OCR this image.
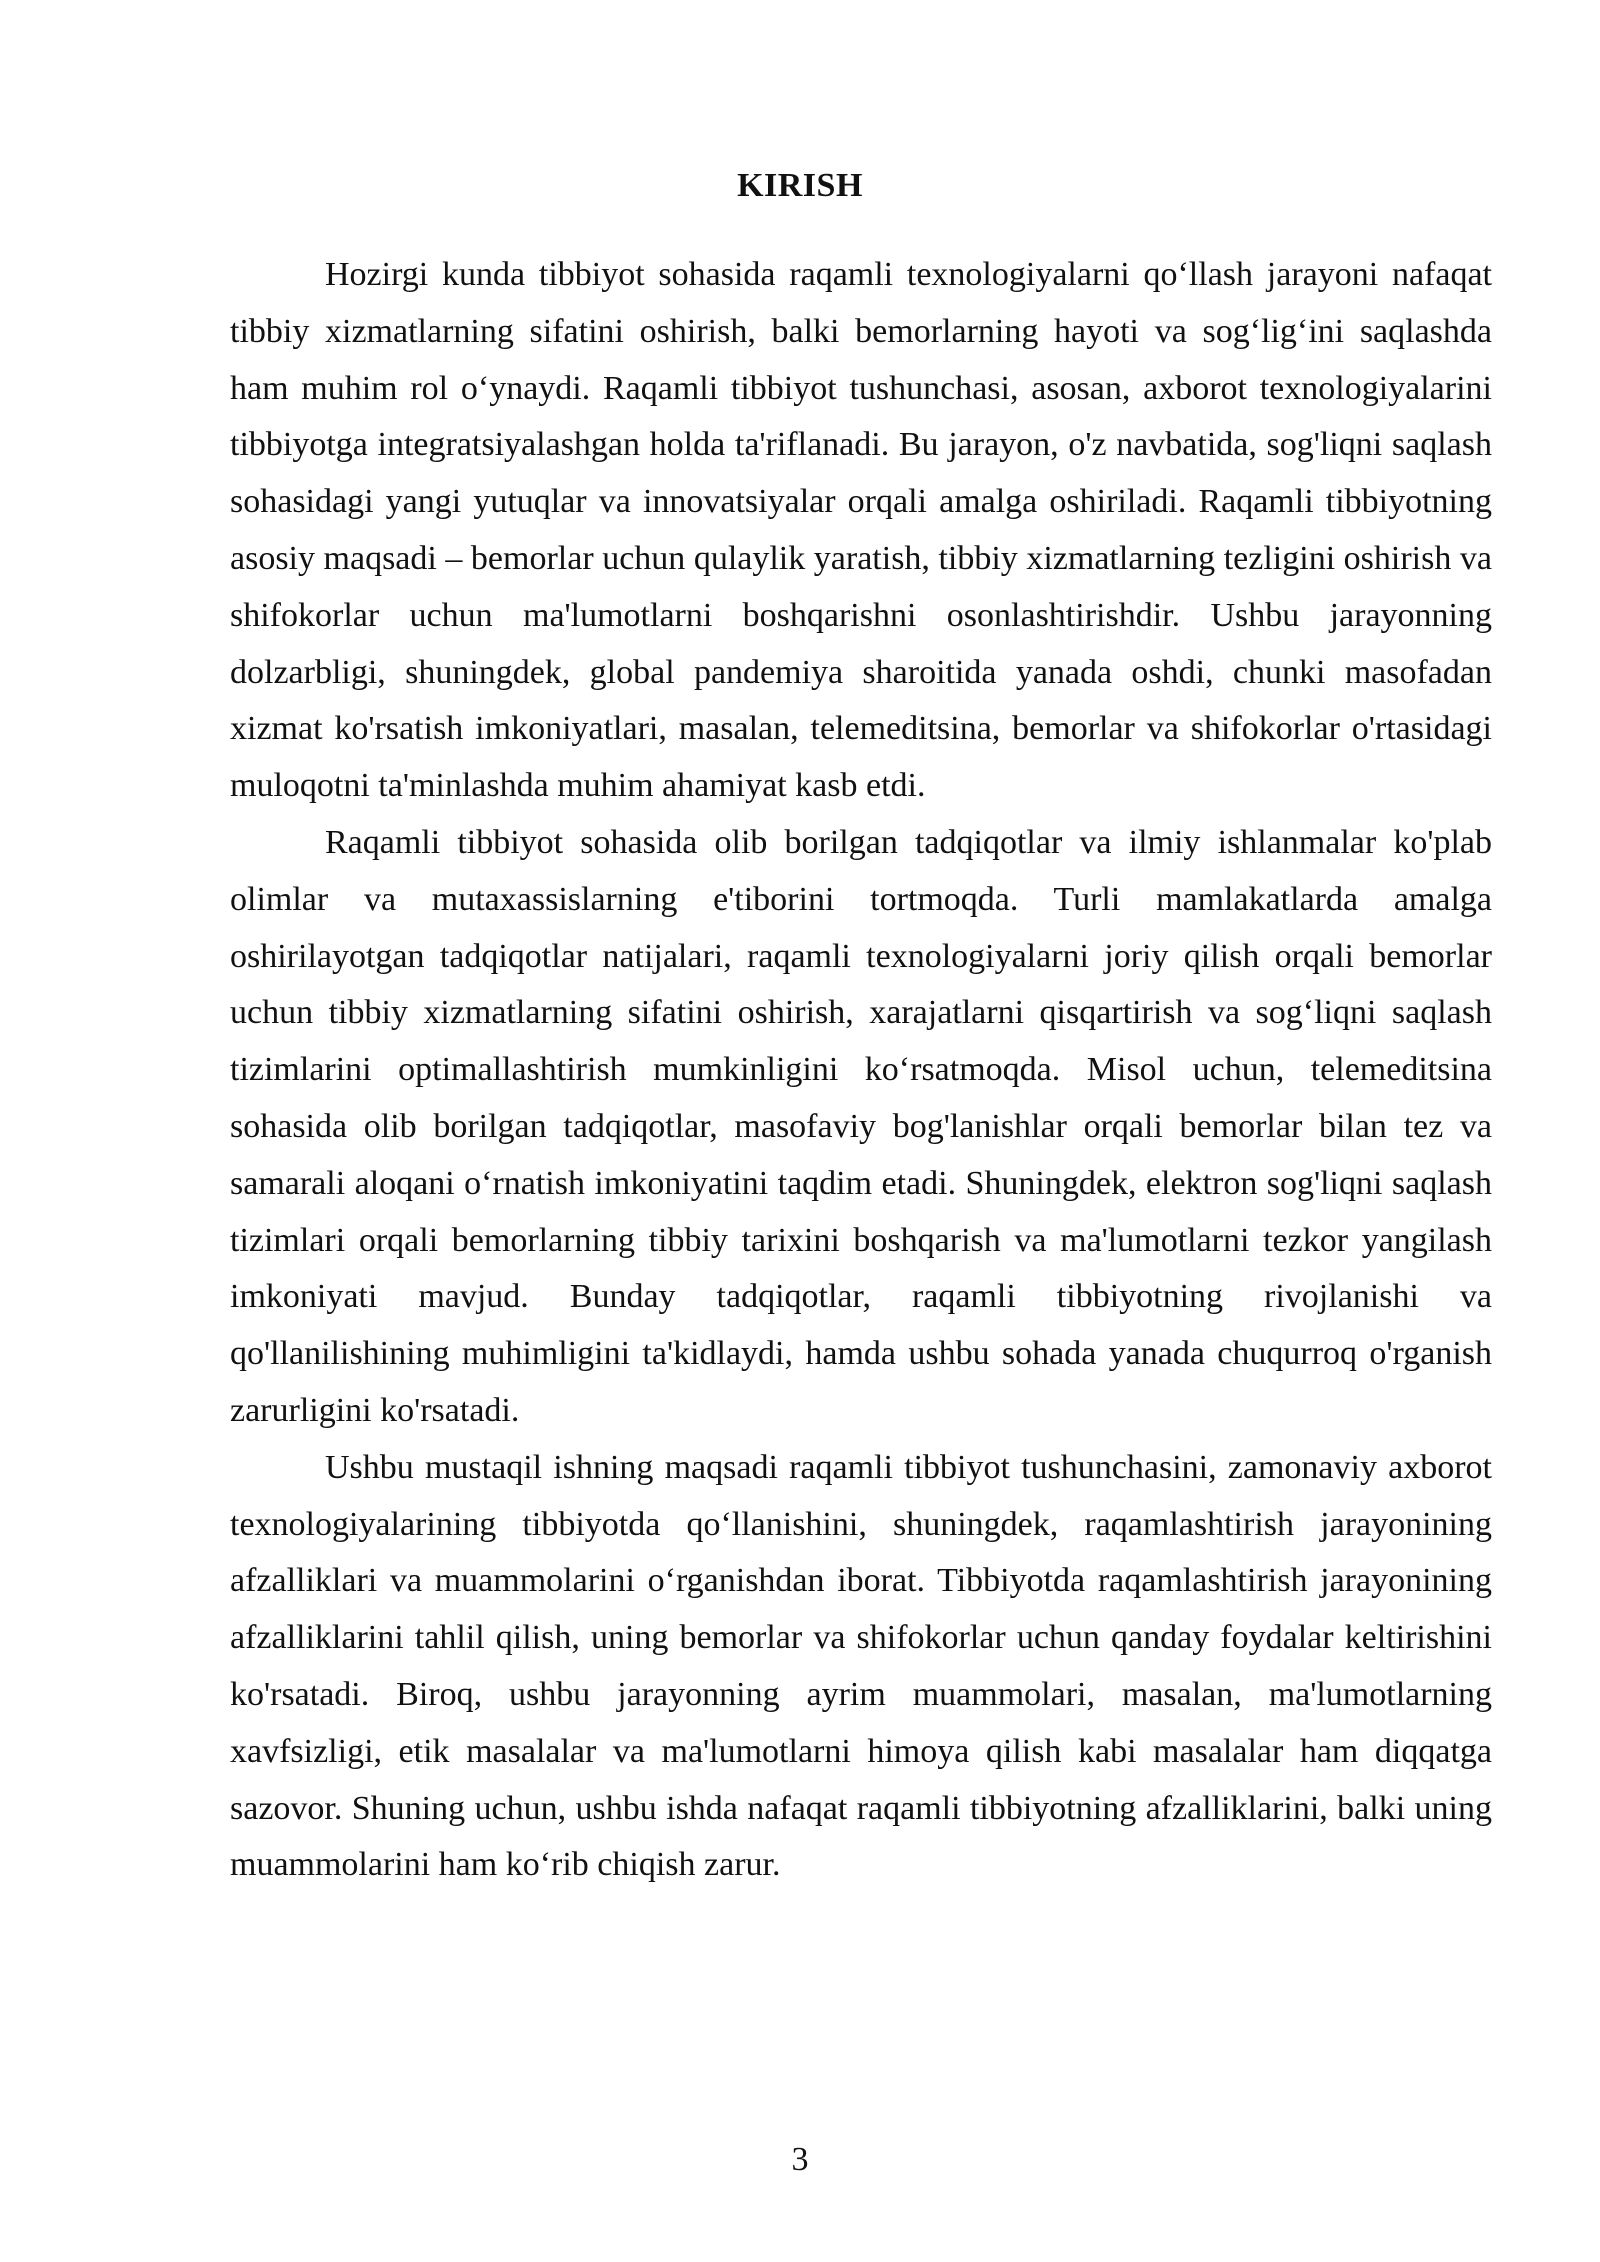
KIRISH

Hozirgi kunda tibbiyot sohasida raqamli texnologiyalarni qo‘llash jarayoni nafaqat tibbiy xizmatlarning sifatini oshirish, balki bemorlarning hayoti va sog‘lig‘ini saqlashda ham muhim rol o‘ynaydi. Raqamli tibbiyot tushunchasi, asosan, axborot texnologiyalarini tibbiyotga integratsiyalashgan holda ta'riflanadi. Bu jarayon, o'z navbatida, sog'liqni saqlash sohasidagi yangi yutuqlar va innovatsiyalar orqali amalga oshiriladi. Raqamli tibbiyotning asosiy maqsadi – bemorlar uchun qulaylik yaratish, tibbiy xizmatlarning tezligini oshirish va shifokorlar uchun ma'lumotlarni boshqarishni osonlashtirishdir. Ushbu jarayonning dolzarbligi, shuningdek, global pandemiya sharoitida yanada oshdi, chunki masofadan xizmat ko'rsatish imkoniyatlari, masalan, telemeditsina, bemorlar va shifokorlar o'rtasidagi muloqotni ta'minlashda muhim ahamiyat kasb etdi.

Raqamli tibbiyot sohasida olib borilgan tadqiqotlar va ilmiy ishlanmalar ko'plab olimlar va mutaxassislarning e'tiborini tortmoqda. Turli mamlakatlarda amalga oshirilayotgan tadqiqotlar natijalari, raqamli texnologiyalarni joriy qilish orqali bemorlar uchun tibbiy xizmatlarning sifatini oshirish, xarajatlarni qisqartirish va sog‘liqni saqlash tizimlarini optimallashtirish mumkinligini ko‘rsatmoqda. Misol uchun, telemeditsina sohasida olib borilgan tadqiqotlar, masofaviy bog'lanishlar orqali bemorlar bilan tez va samarali aloqani o‘rnatish imkoniyatini taqdim etadi. Shuningdek, elektron sog'liqni saqlash tizimlari orqali bemorlarning tibbiy tarixini boshqarish va ma'lumotlarni tezkor yangilash imkoniyati mavjud. Bunday tadqiqotlar, raqamli tibbiyotning rivojlanishi va qo'llanilishining muhimligini ta'kidlaydi, hamda ushbu sohada yanada chuqurroq o'rganish zarurligini ko'rsatadi.

Ushbu mustaqil ishning maqsadi raqamli tibbiyot tushunchasini, zamonaviy axborot texnologiyalarining tibbiyotda qo‘llanishini, shuningdek, raqamlashtirish jarayonining afzalliklari va muammolarini o‘rganishdan iborat. Tibbiyotda raqamlashtirish jarayonining afzalliklarini tahlil qilish, uning bemorlar va shifokorlar uchun qanday foydalar keltirishini ko'rsatadi. Biroq, ushbu jarayonning ayrim muammolari, masalan, ma'lumotlarning xavfsizligi, etik masalalar va ma'lumotlarni himoya qilish kabi masalalar ham diqqatga sazovor. Shuning uchun, ushbu ishda nafaqat raqamli tibbiyotning afzalliklarini, balki uning muammolarini ham ko‘rib chiqish zarur.

3
